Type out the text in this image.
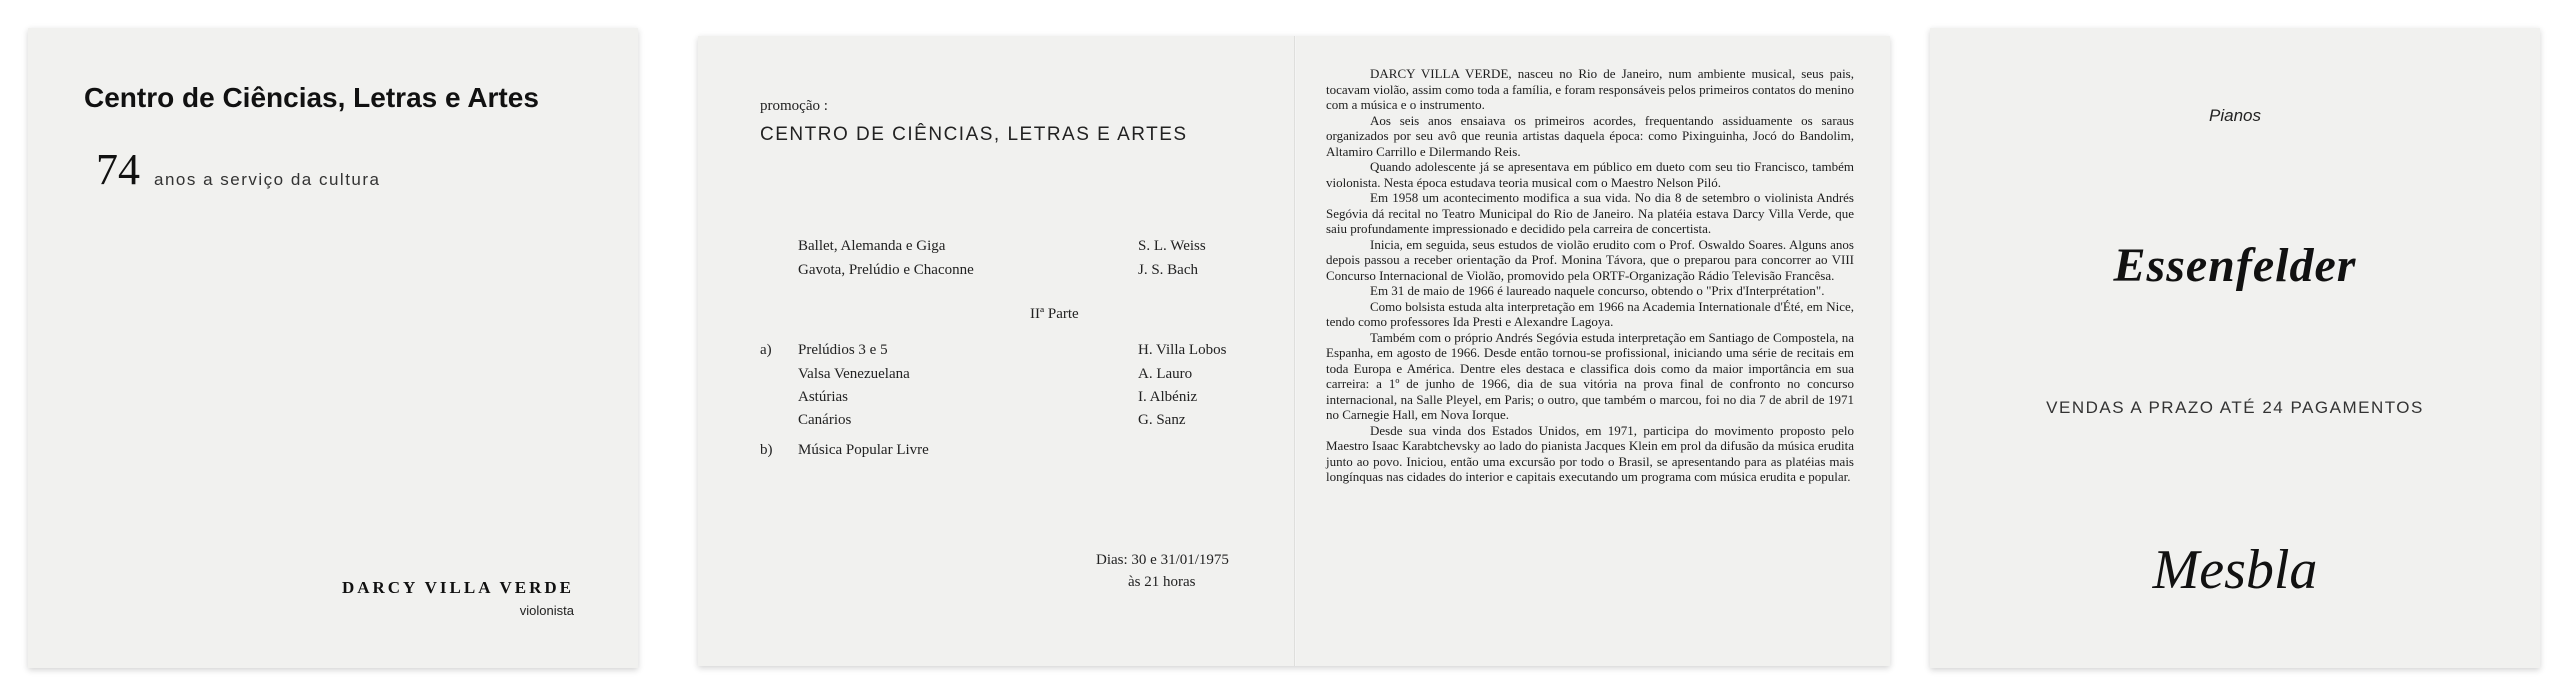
Centro de Ciências, Letras e Artes
74 anos a serviço da cultura
DARCY VILLA VERDE
violonista
promoção :
CENTRO DE CIÊNCIAS, LETRAS E ARTES
Ballet, Alemanda e Giga	S. L. Weiss
Gavota, Prelúdio e Chaconne	J. S. Bach
IIª Parte
a) Prelúdios 3 e 5	H. Villa Lobos
Valsa Venezuelana	A. Lauro
Astúrias	I. Albéniz
Canários	G. Sanz
b) Música Popular Livre
Dias: 30 e 31/01/1975
às 21 horas

DARCY VILLA VERDE, nasceu no Rio de Janeiro, num ambiente musical, seus pais, tocavam violão, assim como toda a família, e foram responsáveis pelos primeiros contatos do menino com a música e o instrumento.

Aos seis anos ensaiava os primeiros acordes, frequentando assiduamente os saraus organizados por seu avô que reunia artistas daquela época: como Pixinguinha, Jocó do Bandolim, Altamiro Carrillo e Dilermando Reis.

Quando adolescente já se apresentava em público em dueto com seu tio Francisco, também violonista. Nesta época estudava teoria musical com o Maestro Nelson Piló.

Em 1958 um acontecimento modifica a sua vida. No dia 8 de setembro o violinista Andrés Segóvia dá recital no Teatro Municipal do Rio de Janeiro. Na platéia estava Darcy Villa Verde, que saiu profundamente impressionado e decidido pela carreira de concertista.

Inicia, em seguida, seus estudos de violão erudito com o Prof. Oswaldo Soares. Alguns anos depois passou a receber orientação da Prof. Monina Távora, que o preparou para concorrer ao VIII Concurso Internacional de Violão, promovido pela ORTF-Organização Rádio Televisão Francêsa.

Em 31 de maio de 1966 é laureado naquele concurso, obtendo o "Prix d'Interprétation".

Como bolsista estuda alta interpretação em 1966 na Academia Internationale d'Été, em Nice, tendo como professores Ida Presti e Alexandre Lagoya.

Também com o próprio Andrés Segóvia estuda interpretação em Santiago de Compostela, na Espanha, em agosto de 1966. Desde então tornou-se profissional, iniciando uma série de recitais em toda Europa e América. Dentre eles destaca e classifica dois como da maior importância em sua carreira: a 1º de junho de 1966, dia de sua vitória na prova final de confronto no concurso internacional, na Salle Pleyel, em Paris; o outro, que também o marcou, foi no dia 7 de abril de 1971 no Carnegie Hall, em Nova Iorque.

Desde sua vinda dos Estados Unidos, em 1971, participa do movimento proposto pelo Maestro Isaac Karabtchevsky ao lado do pianista Jacques Klein em prol da difusão da música erudita junto ao povo. Iniciou, então uma excursão por todo o Brasil, se apresentando para as platéias mais longínquas nas cidades do interior e capitais executando um programa com música erudita e popular.

Pianos
Essenfelder
VENDAS A PRAZO ATÉ 24 PAGAMENTOS
Mesbla
